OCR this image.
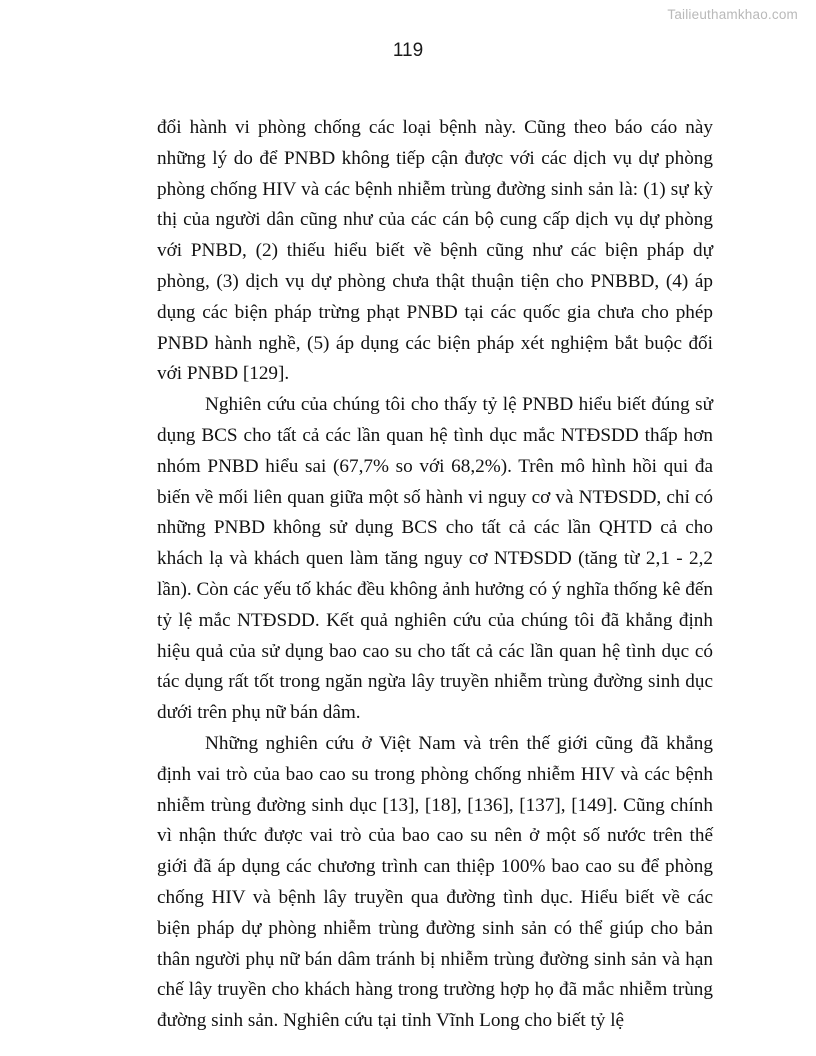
Tailieuthamkhao.com
119

đổi hành vi phòng chống các loại bệnh này. Cũng theo báo cáo này những lý do để PNBD không tiếp cận được với các dịch vụ dự phòng phòng chống HIV và các bệnh nhiễm trùng đường sinh sản là: (1) sự kỳ thị của người dân cũng như của các cán bộ cung cấp dịch vụ dự phòng với PNBD, (2) thiếu hiểu biết về bệnh cũng như các biện pháp dự phòng, (3) dịch vụ dự phòng chưa thật thuận tiện cho PNBBD, (4) áp dụng các biện pháp trừng phạt PNBD tại các quốc gia chưa cho phép PNBD hành nghề, (5) áp dụng các biện pháp xét nghiệm bắt buộc đối với PNBD [129].

Nghiên cứu của chúng tôi cho thấy tỷ lệ PNBD hiểu biết đúng sử dụng BCS cho tất cả các lần quan hệ tình dục mắc NTĐSDD thấp hơn nhóm PNBD hiểu sai (67,7% so với 68,2%). Trên mô hình hồi qui đa biến về mối liên quan giữa một số hành vi nguy cơ và NTĐSDD, chỉ có những PNBD không sử dụng BCS cho tất cả các lần QHTD cả cho khách lạ và khách quen làm tăng nguy cơ NTĐSDD (tăng từ 2,1 - 2,2 lần). Còn các yếu tố khác đều không ảnh hưởng có ý nghĩa thống kê đến tỷ lệ mắc NTĐSDD. Kết quả nghiên cứu của chúng tôi đã khẳng định hiệu quả của sử dụng bao cao su cho tất cả các lần quan hệ tình dục có tác dụng rất tốt trong ngăn ngừa lây truyền nhiễm trùng đường sinh dục dưới trên phụ nữ bán dâm.

Những nghiên cứu ở Việt Nam và trên thế giới cũng đã khẳng định vai trò của bao cao su trong phòng chống nhiễm HIV và các bệnh nhiễm trùng đường sinh dục [13], [18], [136], [137], [149]. Cũng chính vì nhận thức được vai trò của bao cao su nên ở một số nước trên thế giới đã áp dụng các chương trình can thiệp 100% bao cao su để phòng chống HIV và bệnh lây truyền qua đường tình dục. Hiểu biết về các biện pháp dự phòng nhiễm trùng đường sinh sản có thể giúp cho bản thân người phụ nữ bán dâm tránh bị nhiễm trùng đường sinh sản và hạn chế lây truyền cho khách hàng trong trường hợp họ đã mắc nhiễm trùng đường sinh sản. Nghiên cứu tại tỉnh Vĩnh Long cho biết tỷ lệ
